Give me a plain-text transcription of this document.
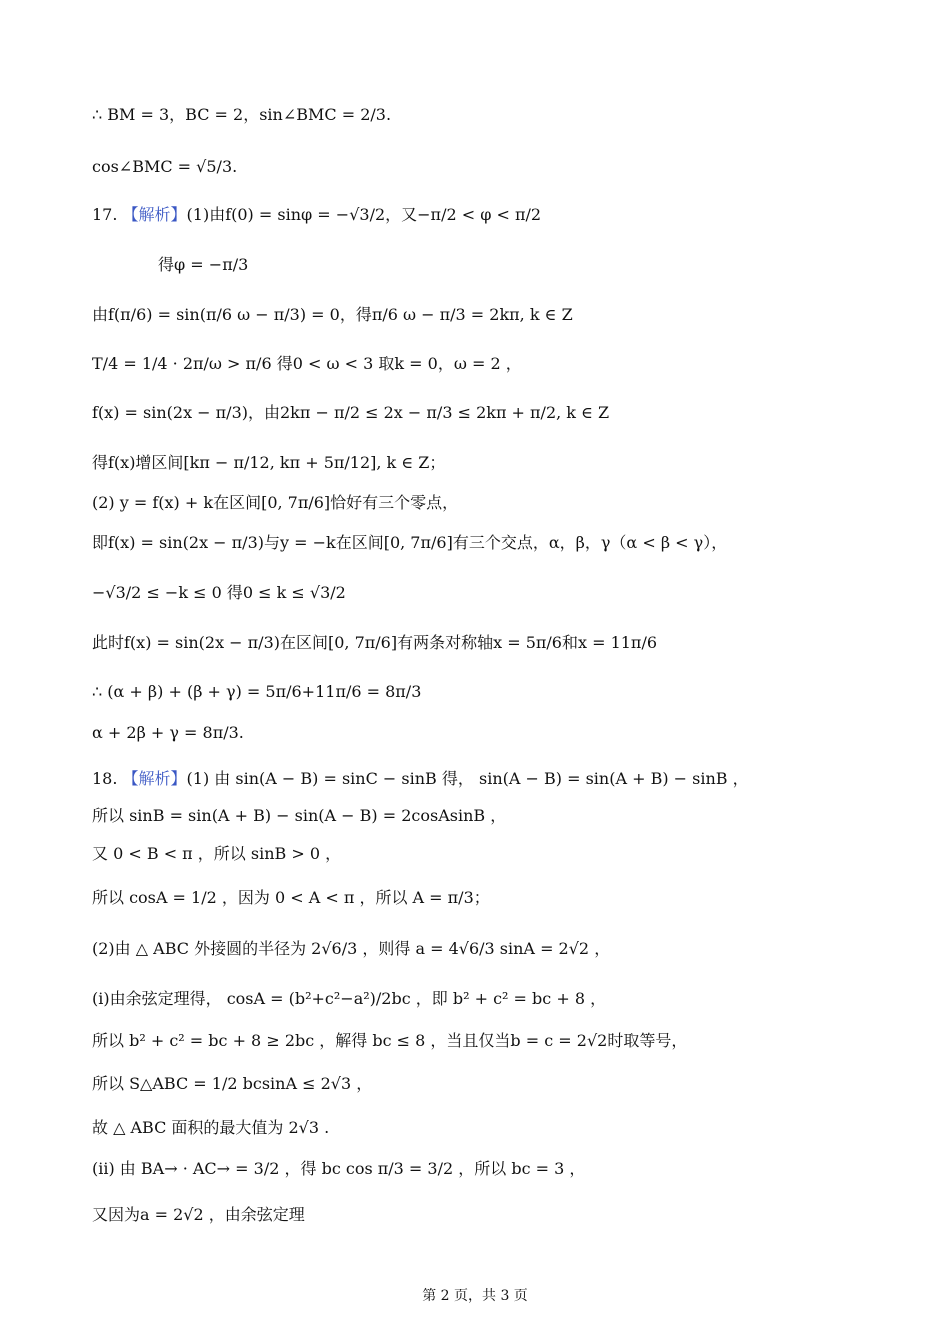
∴ BM = 3，BC = 2，sin∠BMC = 2/3.
cos∠BMC = √5/3.
17. 【解析】(1)由f(0) = sinφ = −√3/2，又−π/2 < φ < π/2
得φ = −π/3
由f(π/6) = sin(π/6 ω − π/3) = 0，得π/6 ω − π/3 = 2kπ, k ∈ Z
T/4 = 1/4 · 2π/ω > π/6 得0 < ω < 3 取k = 0，ω = 2 ，
f(x) = sin(2x − π/3)，由2kπ − π/2 ≤ 2x − π/3 ≤ 2kπ + π/2, k ∈ Z
得f(x)增区间[kπ − π/12, kπ + 5π/12], k ∈ Z；
(2) y = f(x) + k在区间[0, 7π/6]恰好有三个零点，
即f(x) = sin(2x − π/3)与y = −k在区间[0, 7π/6]有三个交点，α，β，γ（α < β < γ），
−√3/2 ≤ −k ≤ 0 得0 ≤ k ≤ √3/2
此时f(x) = sin(2x − π/3)在区间[0, 7π/6]有两条对称轴x = 5π/6和x = 11π/6
∴ (α + β) + (β + γ) = 5π/6+11π/6 = 8π/3
α + 2β + γ = 8π/3.
18. 【解析】(1) 由 sin(A − B) = sinC − sinB 得， sin(A − B) = sin(A + B) − sinB ，
所以 sinB = sin(A + B) − sin(A − B) = 2cosAsinB ，
又 0 < B < π ，所以 sinB > 0 ，
所以 cosA = 1/2 ，因为 0 < A < π ，所以 A = π/3；
(2)由 △ ABC 外接圆的半径为 2√6/3 ，则得 a = 4√6/3 sinA = 2√2 ，
(i)由余弦定理得， cosA = (b²+c²−a²)/2bc ，即 b² + c² = bc + 8 ，
所以 b² + c² = bc + 8 ≥ 2bc ，解得 bc ≤ 8 ，当且仅当b = c = 2√2时取等号，
所以 S△ABC = 1/2 bcsinA ≤ 2√3 ，
故 △ ABC 面积的最大值为 2√3 .
(ii) 由 BA→ · AC→ = 3/2 ，得 bc cos π/3 = 3/2 ，所以 bc = 3 ，
又因为a = 2√2 ，由余弦定理
第 2 页，共 3 页
